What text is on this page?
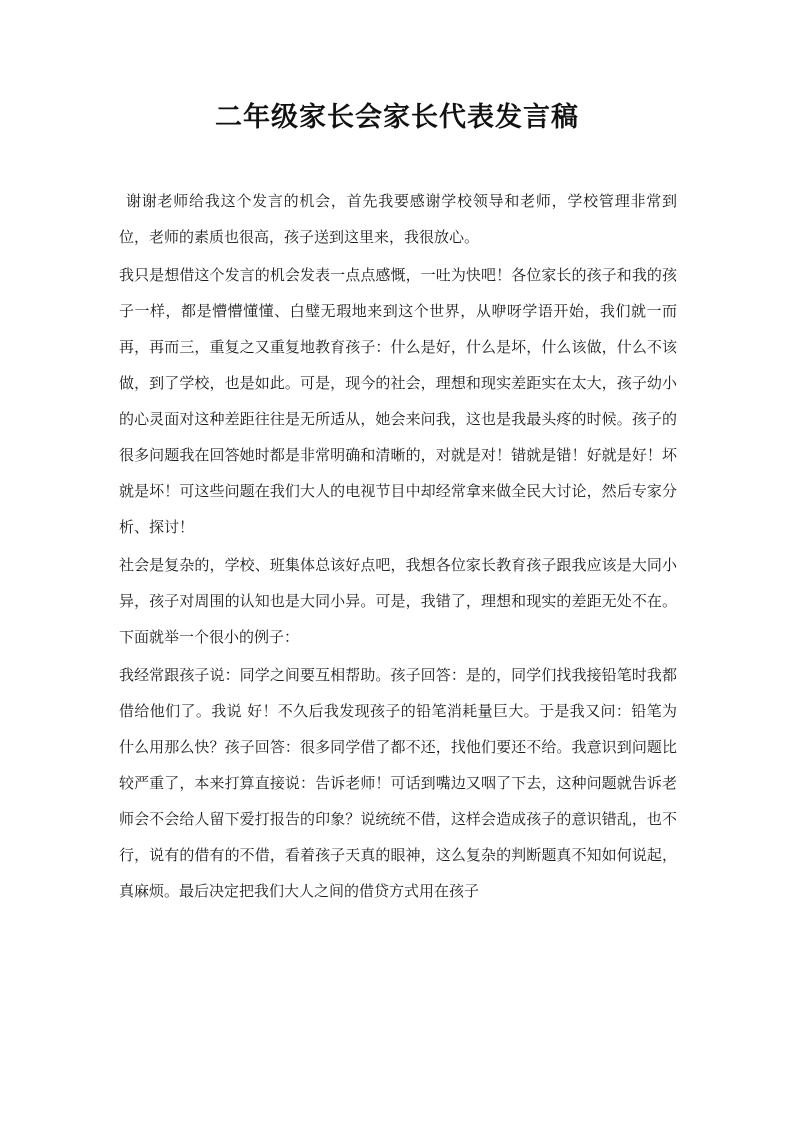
二年级家长会家长代表发言稿

谢谢老师给我这个发言的机会，首先我要感谢学校领导和老师，学校管理非常到位，老师的素质也很高，孩子送到这里来，我很放心。

我只是想借这个发言的机会发表一点点感慨，一吐为快吧！各位家长的孩子和我的孩子一样，都是懵懵懂懂、白璧无瑕地来到这个世界，从咿呀学语开始，我们就一而再，再而三，重复之又重复地教育孩子：什么是好，什么是坏，什么该做，什么不该做，到了学校，也是如此。可是，现今的社会，理想和现实差距实在太大，孩子幼小的心灵面对这种差距往往是无所适从，她会来问我，这也是我最头疼的时候。孩子的很多问题我在回答她时都是非常明确和清晰的，对就是对！错就是错！好就是好！坏就是坏！可这些问题在我们大人的电视节目中却经常拿来做全民大讨论，然后专家分析、探讨！

社会是复杂的，学校、班集体总该好点吧，我想各位家长教育孩子跟我应该是大同小异，孩子对周围的认知也是大同小异。可是，我错了，理想和现实的差距无处不在。 下面就举一个很小的例子：

我经常跟孩子说：同学之间要互相帮助。孩子回答：是的，同学们找我接铅笔时我都借给他们了。我说 好！不久后我发现孩子的铅笔消耗量巨大。于是我又问：铅笔为什么用那么快？孩子回答：很多同学借了都不还，找他们要还不给。我意识到问题比较严重了，本来打算直接说：告诉老师！可话到嘴边又咽了下去，这种问题就告诉老师会不会给人留下爱打报告的印象？说统统不借，这样会造成孩子的意识错乱，也不行，说有的借有的不借，看着孩子天真的眼神，这么复杂的判断题真不知如何说起，真麻烦。最后决定把我们大人之间的借贷方式用在孩子
